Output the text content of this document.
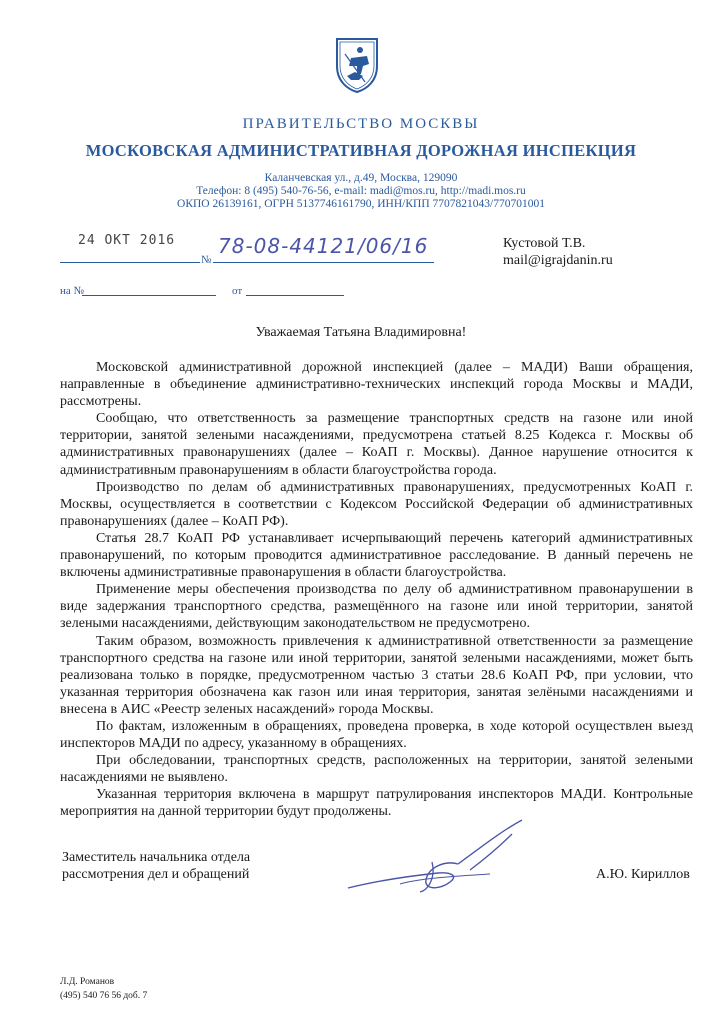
ПРАВИТЕЛЬСТВО МОСКВЫ
МОСКОВСКАЯ АДМИНИСТРАТИВНАЯ ДОРОЖНАЯ ИНСПЕКЦИЯ
Каланчевская ул., д.49, Москва, 129090
Телефон: 8 (495) 540-76-56, e-mail: madi@mos.ru, http://madi.mos.ru
ОКПО 26139161, ОГРН 5137746161790, ИНН/КПП 7707821043/770701001
24 ОКТ 2016
№
78-08-44121/06/16	Кустовой Т.В.
mail@igrajdanin.ru
на №	от
Уважаемая Татьяна Владимировна!

Московской административной дорожной инспекцией (далее – МАДИ) Ваши обращения, направленные в объединение административно-технических инспекций города Москвы и МАДИ, рассмотрены.

Сообщаю, что ответственность за размещение транспортных средств на газоне или иной территории, занятой зелеными насаждениями, предусмотрена статьей 8.25 Кодекса г. Москвы об административных правонарушениях (далее – КоАП г. Москвы). Данное нарушение относится к административным правонарушениям в области благоустройства города.

Производство по делам об административных правонарушениях, предусмотренных КоАП г. Москвы, осуществляется в соответствии с Кодексом Российской Федерации об административных правонарушениях (далее – КоАП РФ).

Статья 28.7 КоАП РФ устанавливает исчерпывающий перечень категорий административных правонарушений, по которым проводится административное расследование. В данный перечень не включены административные правонарушения в области благоустройства.

Применение меры обеспечения производства по делу об административном правонарушении в виде задержания транспортного средства, размещённого на газоне или иной территории, занятой зелеными насаждениями, действующим законодательством не предусмотрено.

Таким образом, возможность привлечения к административной ответственности за размещение транспортного средства на газоне или иной территории, занятой зелеными насаждениями, может быть реализована только в порядке, предусмотренном частью 3 статьи 28.6 КоАП РФ, при условии, что указанная территория обозначена как газон или иная территория, занятая зелёными насаждениями и внесена в АИС «Реестр зеленых насаждений» города Москвы.

По фактам, изложенным в обращениях, проведена проверка, в ходе которой осуществлен выезд инспекторов МАДИ по адресу, указанному в обращениях.

При обследовании, транспортных средств, расположенных на территории, занятой зелеными насаждениями не выявлено.

Указанная территория включена в маршрут патрулирования инспекторов МАДИ. Контрольные мероприятия на данной территории будут продолжены.

Заместитель начальника отдела
рассмотрения дел и обращений	А.Ю. Кириллов
Л.Д. Романов
(495) 540 76 56 доб. 7
